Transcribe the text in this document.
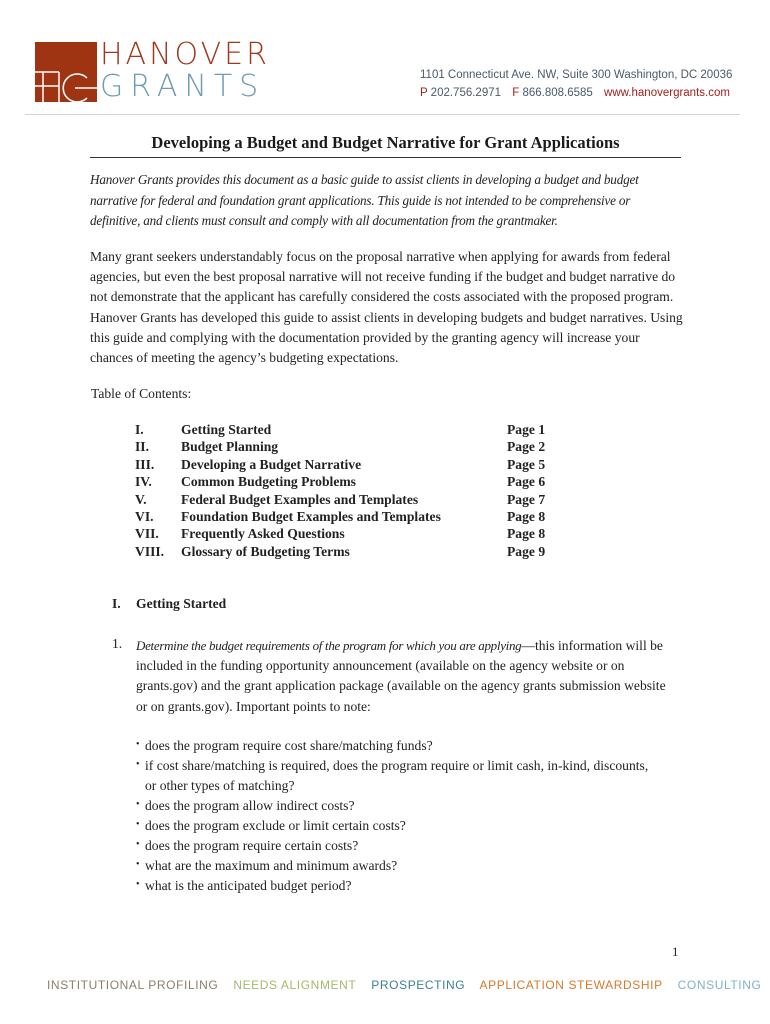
HANOVER
GRANTS	1101 Connecticut Ave. NW, Suite 300 Washington, DC 20036
P 202.756.2971 F 866.808.6585 www.hanovergrants.com
Developing a Budget and Budget Narrative for Grant Applications
Hanover Grants provides this document as a basic guide to assist clients in developing a budget and budget narrative for federal and foundation grant applications. This guide is not intended to be comprehensive or definitive, and clients must consult and comply with all documentation from the grantmaker.
Many grant seekers understandably focus on the proposal narrative when applying for awards from federal agencies, but even the best proposal narrative will not receive funding if the budget and budget narrative do not demonstrate that the applicant has carefully considered the costs associated with the proposed program. Hanover Grants has developed this guide to assist clients in developing budgets and budget narratives. Using this guide and complying with the documentation provided by the granting agency will increase your chances of meeting the agency’s budgeting expectations.
Table of Contents:
I.	Getting Started	Page 1
II.	Budget Planning	Page 2
III.	Developing a Budget Narrative	Page 5
IV.	Common Budgeting Problems	Page 6
V.	Federal Budget Examples and Templates	Page 7
VI.	Foundation Budget Examples and Templates	Page 8
VII.	Frequently Asked Questions	Page 8
VIII.	Glossary of Budgeting Terms	Page 9
I. Getting Started
1. Determine the budget requirements of the program for which you are applying—this information will be included in the funding opportunity announcement (available on the agency website or on grants.gov) and the grant application package (available on the agency grants submission website or on grants.gov). Important points to note:
• does the program require cost share/matching funds?
• if cost share/matching is required, does the program require or limit cash, in-kind, discounts, or other types of matching?
• does the program allow indirect costs?
• does the program exclude or limit certain costs?
• does the program require certain costs?
• what are the maximum and minimum awards?
• what is the anticipated budget period?
1
INSTITUTIONAL PROFILING NEEDS ALIGNMENT PROSPECTING APPLICATION STEWARDSHIP CONSULTING
